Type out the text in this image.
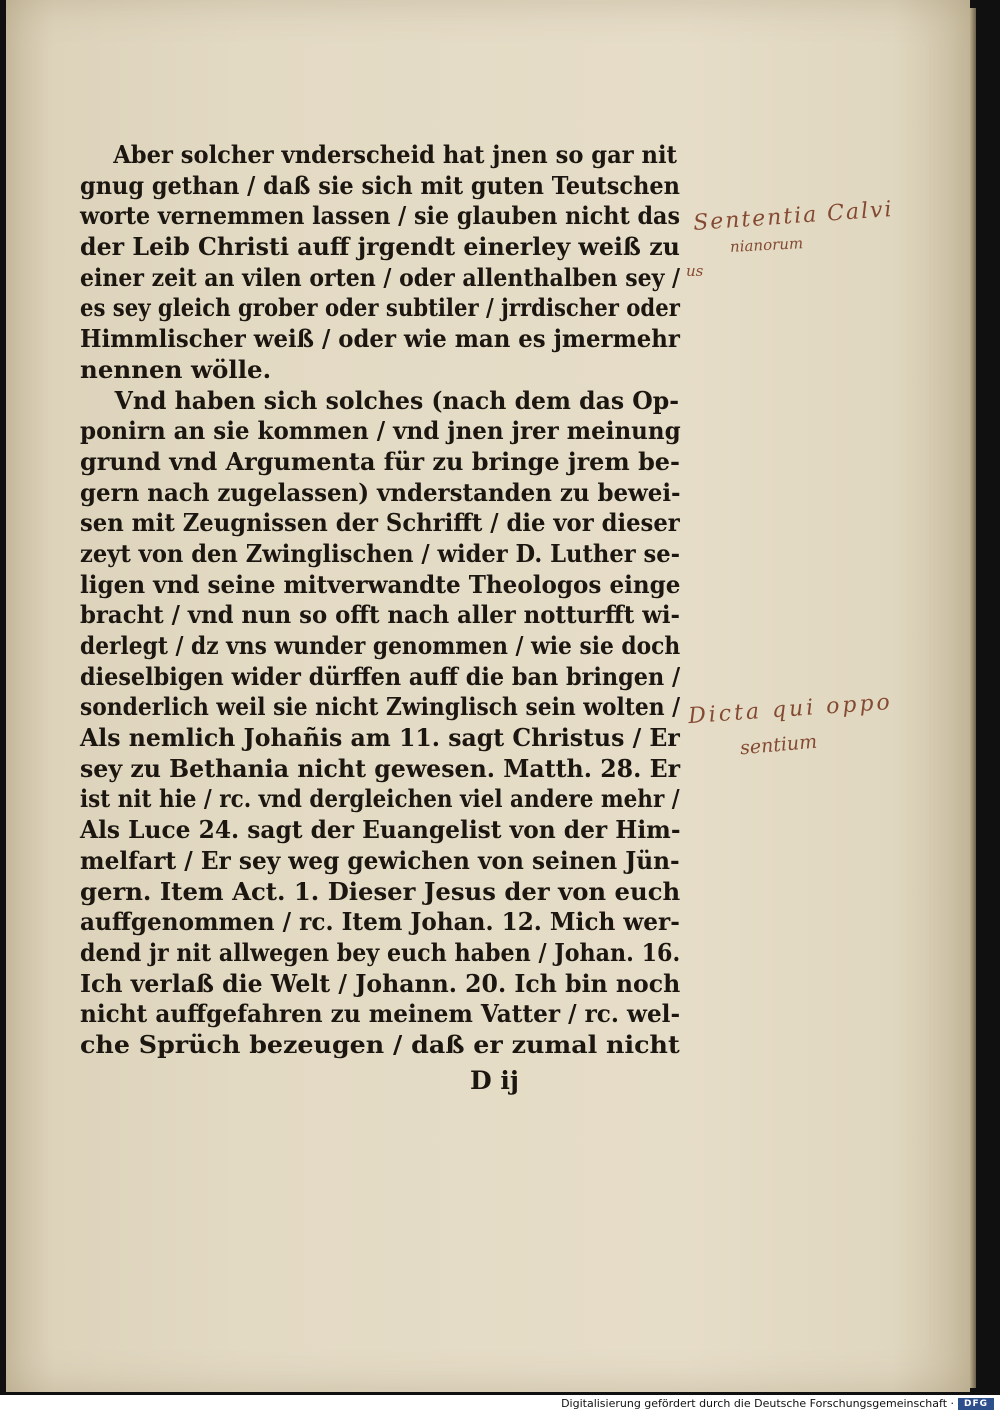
Aber solcher vnderscheid hat jnen so gar nit
gnug gethan / daß sie sich mit guten Teutschen
worte vernemmen lassen / sie glauben nicht das
der Leib Christi auff jrgendt einerley weiß zu
einer zeit an vilen orten / oder allenthalben sey /
es sey gleich grober oder subtiler / jrrdischer oder
Himmlischer weiß / oder wie man es jmermehr
nennen wölle.
Vnd haben sich solches (nach dem das Op-
ponirn an sie kommen / vnd jnen jrer meinung
grund vnd Argumenta für zu bringe jrem be-
gern nach zugelassen) vnderstanden zu bewei-
sen mit Zeugnissen der Schrifft / die vor dieser
zeyt von den Zwinglischen / wider D. Luther se-
ligen vnd seine mitverwandte Theologos einge
bracht / vnd nun so offt nach aller notturfft wi-
derlegt / dz vns wunder genommen / wie sie doch
dieselbigen wider dürffen auff die ban bringen /
sonderlich weil sie nicht Zwinglisch sein wolten /
Als nemlich Johañis am 11. sagt Christus / Er
sey zu Bethania nicht gewesen. Matth. 28. Er
ist nit hie / rc. vnd dergleichen viel andere mehr /
Als Luce 24. sagt der Euangelist von der Him-
melfart / Er sey weg gewichen von seinen Jün-
gern. Item Act. 1. Dieser Jesus der von euch
auffgenommen / rc. Item Johan. 12. Mich wer-
dend jr nit allwegen bey euch haben / Johan. 16.
Ich verlaß die Welt / Johann. 20. Ich bin noch
nicht auffgefahren zu meinem Vatter / rc. wel-
che Sprüch bezeugen / daß er zumal nicht
D ij
Sententia Calvi
nianorum
us
Dicta qui oppo
sentium
Digitalisierung gefördert durch die Deutsche Forschungsgemeinschaft ·	DFG
